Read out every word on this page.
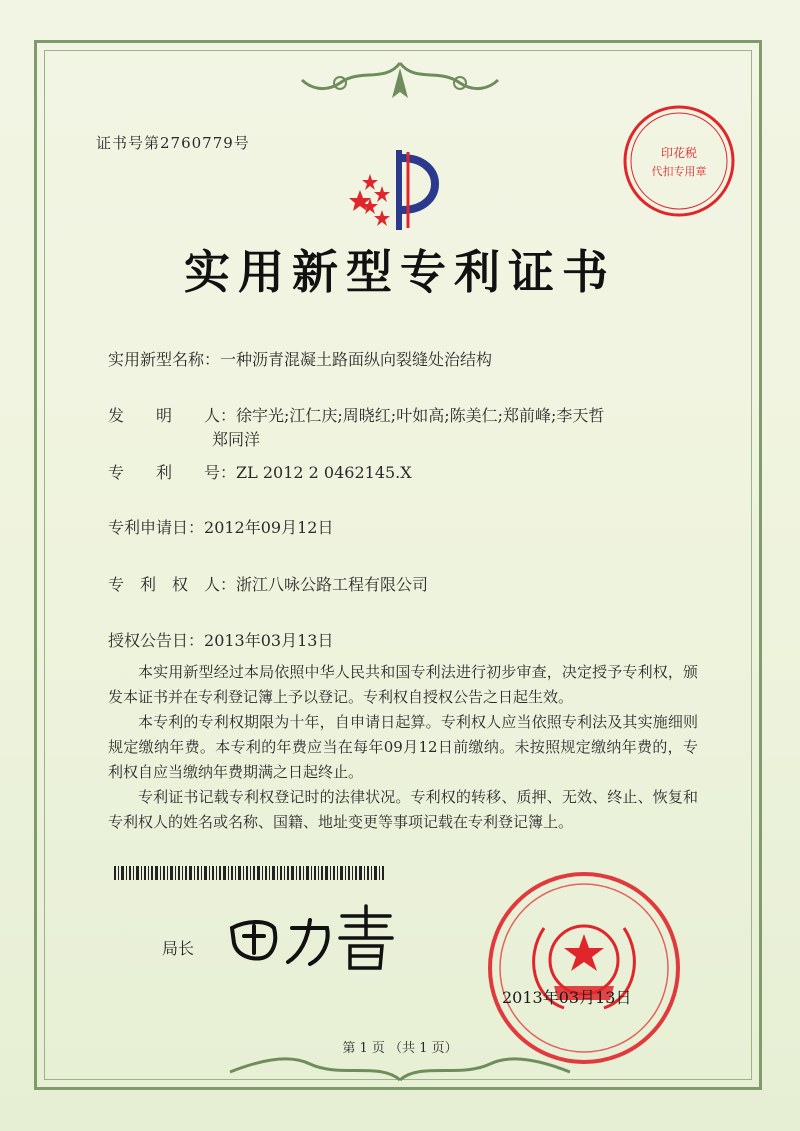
证书号第2760779号
实用新型专利证书
实用新型名称：一种沥青混凝土路面纵向裂缝处治结构
发　　明　　人：徐宇光;江仁庆;周晓红;叶如高;陈美仁;郑前峰;李天哲
郑同洋
专　　利　　号：ZL 2012 2 0462145.X
专利申请日：2012年09月12日
专　利　权　人：浙江八咏公路工程有限公司
授权公告日：2013年03月13日

本实用新型经过本局依照中华人民共和国专利法进行初步审查，决定授予专利权，颁发本证书并在专利登记簿上予以登记。专利权自授权公告之日起生效。

本专利的专利权期限为十年，自申请日起算。专利权人应当依照专利法及其实施细则规定缴纳年费。本专利的年费应当在每年09月12日前缴纳。未按照规定缴纳年费的，专利权自应当缴纳年费期满之日起终止。

专利证书记载专利权登记时的法律状况。专利权的转移、质押、无效、终止、恢复和专利权人的姓名或名称、国籍、地址变更等事项记载在专利登记簿上。

局长
印花税
代扣专用章
2013年03月13日
第 1 页 （共 1 页）
